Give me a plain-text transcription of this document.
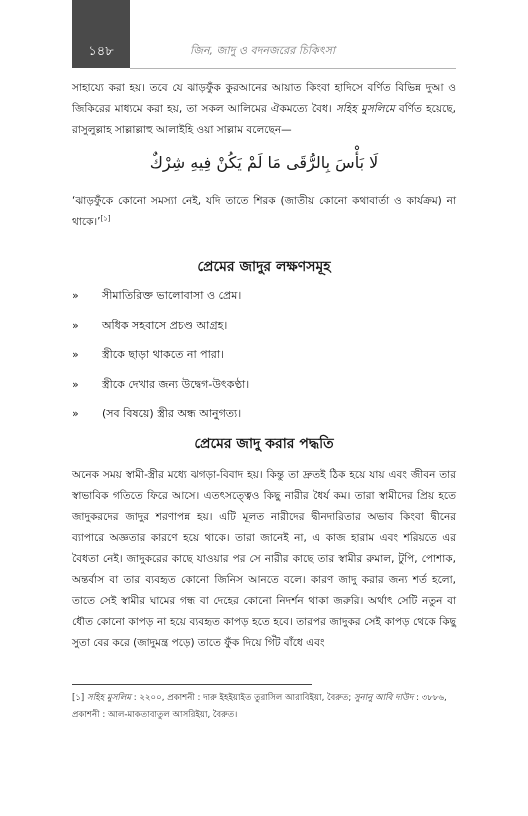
১৪৮	জিন, জাদু ও বদনজরের চিকিৎসা

সাহায্যে করা হয়। তবে যে ঝাড়ফুঁক কুরআনের আয়াত কিংবা হাদিসে বর্ণিত বিভিন্ন দুআ ও জিকিরের মাধ্যমে করা হয়, তা সকল আলিমের ঐকমত্যে বৈধ। সহিহ মুসলিমে বর্ণিত হয়েছে, রাসুলুল্লাহ সাল্লাল্লাহু আলাইহি ওয়া সাল্লাম বলেছেন—

لَا بَأْسَ بِالرُّقَى مَا لَمْ يَكُنْ فِيهِ شِرْكٌ

‘ঝাড়ফুঁকে কোনো সমস্যা নেই, যদি তাতে শিরক (জাতীয় কোনো কথাবার্তা ও কার্যক্রম) না থাকে।’[১]

প্রেমের জাদুর লক্ষণসমূহ
»	সীমাতিরিক্ত ভালোবাসা ও প্রেম।
»	অধিক সহবাসে প্রচণ্ড আগ্রহ।
»	স্ত্রীকে ছাড়া থাকতে না পারা।
»	স্ত্রীকে দেখার জন্য উদ্বেগ-উৎকণ্ঠা।
»	(সব বিষয়ে) স্ত্রীর অন্ধ আনুগত্য।
প্রেমের জাদু করার পদ্ধতি

অনেক সময় স্বামী-স্ত্রীর মধ্যে ঝগড়া-বিবাদ হয়। কিন্তু তা দ্রুতই ঠিক হয়ে যায় এবং জীবন তার স্বাভাবিক গতিতে ফিরে আসে। এতৎসত্ত্বেও কিছু নারীর ধৈর্য কম। তারা স্বামীদের প্রিয় হতে জাদুকরদের জাদুর শরণাপন্ন হয়। এটি মূলত নারীদের দ্বীনদারিতার অভাব কিংবা দ্বীনের ব্যাপারে অজ্ঞতার কারণে হয়ে থাকে। তারা জানেই না, এ কাজ হারাম এবং শরিয়তে এর বৈধতা নেই। জাদুকরের কাছে যাওয়ার পর সে নারীর কাছে তার স্বামীর রুমাল, টুপি, পোশাক, অন্তর্বাস বা তার ব্যবহৃত কোনো জিনিস আনতে বলে। কারণ জাদু করার জন্য শর্ত হলো, তাতে সেই স্বামীর ঘামের গন্ধ বা দেহের কোনো নিদর্শন থাকা জরুরি। অর্থাৎ সেটি নতুন বা ধৌত কোনো কাপড় না হয়ে ব্যবহৃত কাপড় হতে হবে। তারপর জাদুকর সেই কাপড় থেকে কিছু সুতা বের করে (জাদুমন্ত্র পড়ে) তাতে ফুঁক দিয়ে গিঁট বাঁধে এবং

[১] সহিহ মুসলিম : ২২০০, প্রকাশনী : দারু ইহইয়াইত তুরাসিল আরাবিইয়া, বৈরুত; সুনানু আবি দাউদ : ৩৮৮৬, প্রকাশনী : আল-মাকতাবাতুল আসরিইয়া, বৈরুত।
